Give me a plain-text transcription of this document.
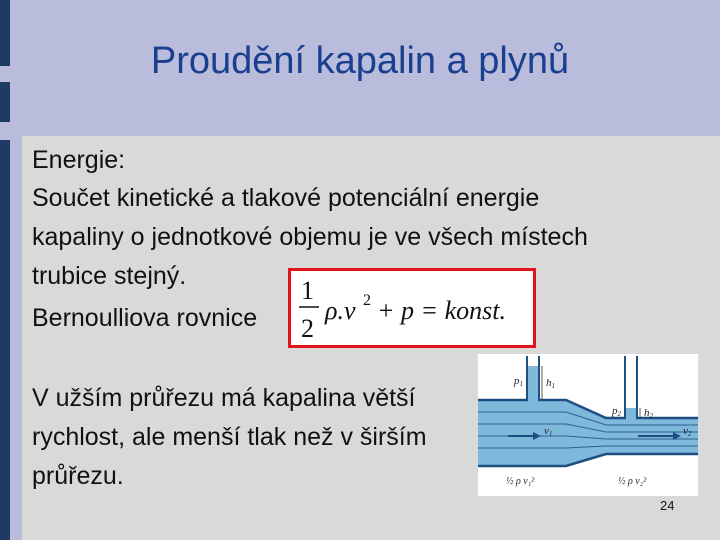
Proudění kapalin a plynů
Energie:
Součet kinetické a tlakové potenciální energie
kapaliny o jednotkové objemu je ve všech místech
trubice stejný.
Bernoulliova rovnice
1
2
ρ.v 2 + p = konst.
V užším průřezu má kapalina větší
rychlost, ale menší tlak než v širším
průřezu.
p1 h1
p2 h2
v1	v2
½ ρ v₁²	½ ρ v₂²
24
